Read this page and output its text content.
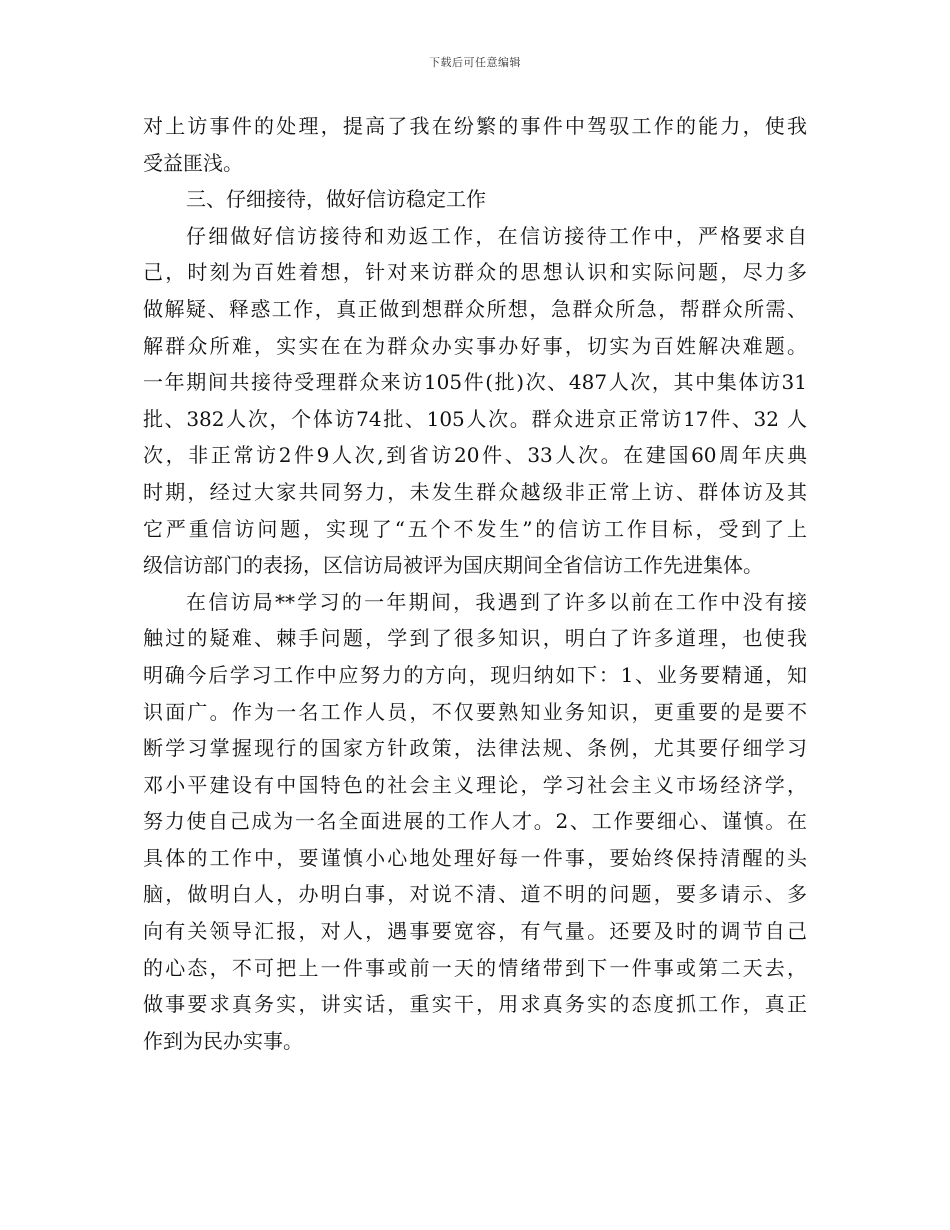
下载后可任意编辑
对上访事件的处理，提高了我在纷繁的事件中驾驭工作的能力，使我
受益匪浅。
三、仔细接待，做好信访稳定工作
仔细做好信访接待和劝返工作，在信访接待工作中，严格要求自
己，时刻为百姓着想，针对来访群众的思想认识和实际问题，尽力多
做解疑、释惑工作，真正做到想群众所想，急群众所急，帮群众所需、
解群众所难，实实在在为群众办实事办好事，切实为百姓解决难题。
一年期间共接待受理群众来访105件(批)次、487人次，其中集体访31
批、382人次，个体访74批、105人次。群众进京正常访17件、32 人
次，非正常访2件9人次,到省访20件、33人次。在建国60周年庆典
时期，经过大家共同努力，未发生群众越级非正常上访、群体访及其
它严重信访问题，实现了“五个不发生”的信访工作目标，受到了上
级信访部门的表扬，区信访局被评为国庆期间全省信访工作先进集体。
在信访局**学习的一年期间，我遇到了许多以前在工作中没有接
触过的疑难、棘手问题，学到了很多知识，明白了许多道理，也使我
明确今后学习工作中应努力的方向，现归纳如下：1、业务要精通，知
识面广。作为一名工作人员，不仅要熟知业务知识，更重要的是要不
断学习掌握现行的国家方针政策，法律法规、条例，尤其要仔细学习
邓小平建设有中国特色的社会主义理论，学习社会主义市场经济学，
努力使自己成为一名全面进展的工作人才。2、工作要细心、谨慎。在
具体的工作中，要谨慎小心地处理好每一件事，要始终保持清醒的头
脑，做明白人，办明白事，对说不清、道不明的问题，要多请示、多
向有关领导汇报，对人，遇事要宽容，有气量。还要及时的调节自己
的心态，不可把上一件事或前一天的情绪带到下一件事或第二天去，
做事要求真务实，讲实话，重实干，用求真务实的态度抓工作，真正
作到为民办实事。
